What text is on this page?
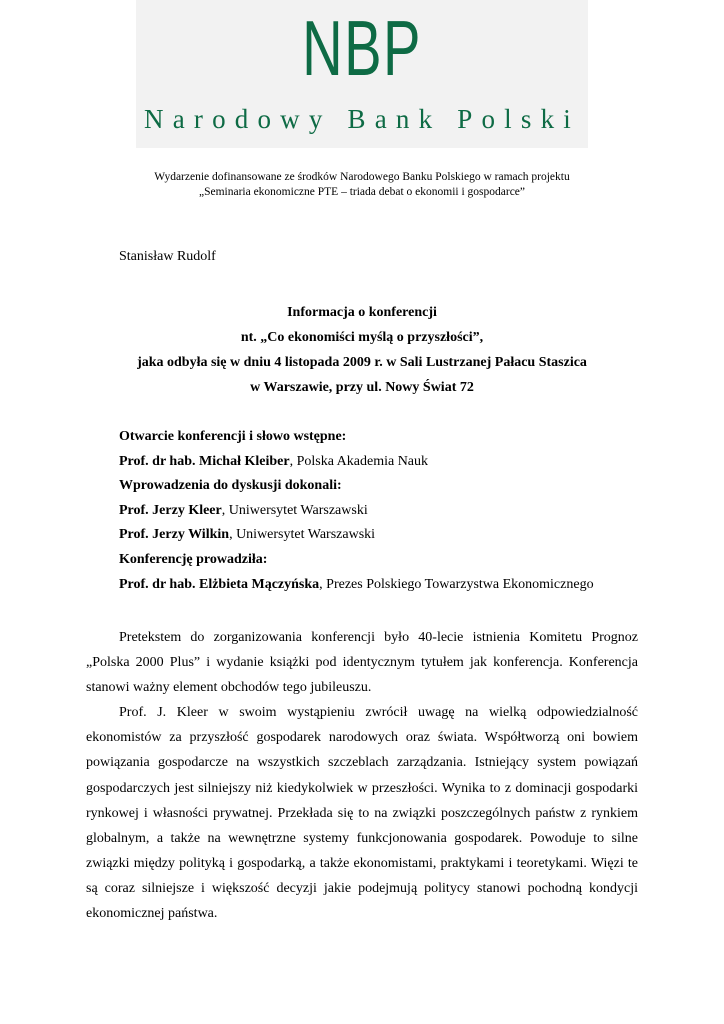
NBP
Narodowy Bank Polski
Wydarzenie dofinansowane ze środków Narodowego Banku Polskiego w ramach projektu
„Seminaria ekonomiczne PTE – triada debat o ekonomii i gospodarce”
Stanisław Rudolf
Informacja o konferencji
nt. „Co ekonomiści myślą o przyszłości”,
jaka odbyła się w dniu 4 listopada 2009 r. w Sali Lustrzanej Pałacu Staszica
w Warszawie, przy ul. Nowy Świat 72
Otwarcie konferencji i słowo wstępne:
Prof. dr hab. Michał Kleiber, Polska Akademia Nauk
Wprowadzenia do dyskusji dokonali:
Prof. Jerzy Kleer, Uniwersytet Warszawski
Prof. Jerzy Wilkin, Uniwersytet Warszawski
Konferencję prowadziła:
Prof. dr hab. Elżbieta Mączyńska, Prezes Polskiego Towarzystwa Ekonomicznego

Pretekstem do zorganizowania konferencji było 40-lecie istnienia Komitetu Prognoz „Polska 2000 Plus” i wydanie książki pod identycznym tytułem jak konferencja. Konferencja stanowi ważny element obchodów tego jubileuszu.

Prof. J. Kleer w swoim wystąpieniu zwrócił uwagę na wielką odpowiedzialność ekonomistów za przyszłość gospodarek narodowych oraz świata. Współtworzą oni bowiem powiązania gospodarcze na wszystkich szczeblach zarządzania. Istniejący system powiązań gospodarczych jest silniejszy niż kiedykolwiek w przeszłości. Wynika to z dominacji gospodarki rynkowej i własności prywatnej. Przekłada się to na związki poszczególnych państw z rynkiem globalnym, a także na wewnętrzne systemy funkcjonowania gospodarek. Powoduje to silne związki między polityką i gospodarką, a także ekonomistami, praktykami i teoretykami. Więzi te są coraz silniejsze i większość decyzji jakie podejmują politycy stanowi pochodną kondycji ekonomicznej państwa.
